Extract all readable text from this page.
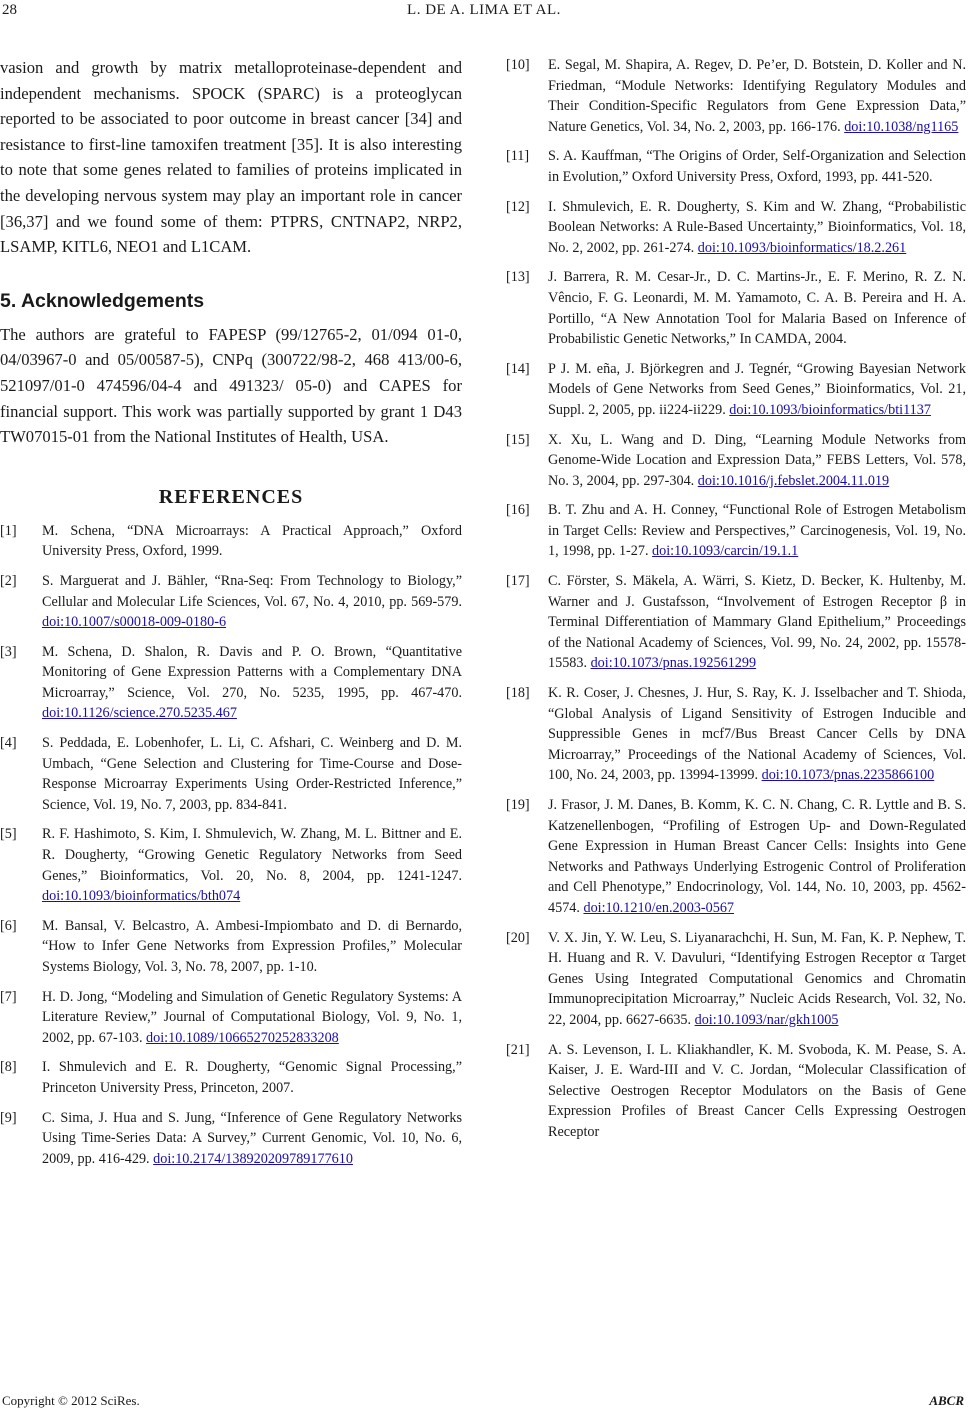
28	L. DE A. LIMA ET AL.

vasion and growth by matrix metalloproteinase-dependent and independent mechanisms. SPOCK (SPARC) is a proteoglycan reported to be associated to poor outcome in breast cancer [34] and resistance to first-line tamoxifen treatment [35]. It is also interesting to note that some genes related to families of proteins implicated in the developing nervous system may play an important role in cancer [36,37] and we found some of them: PTPRS, CNTNAP2, NRP2, LSAMP, KITL6, NEO1 and L1CAM.

5. Acknowledgements

The authors are grateful to FAPESP (99/12765-2, 01/094 01-0, 04/03967-0 and 05/00587-5), CNPq (300722/98-2, 468 413/00-6, 521097/01-0 474596/04-4 and 491323/ 05-0) and CAPES for financial support. This work was partially supported by grant 1 D43 TW07015-01 from the National Institutes of Health, USA.

REFERENCES
[1]	M. Schena, “DNA Microarrays: A Practical Approach,” Oxford University Press, Oxford, 1999.
[2]	S. Marguerat and J. Bähler, “Rna-Seq: From Technology to Biology,” Cellular and Molecular Life Sciences, Vol. 67, No. 4, 2010, pp. 569-579. doi:10.1007/s00018-009-0180-6
[3]	M. Schena, D. Shalon, R. Davis and P. O. Brown, “Quantitative Monitoring of Gene Expression Patterns with a Complementary DNA Microarray,” Science, Vol. 270, No. 5235, 1995, pp. 467-470. doi:10.1126/science.270.5235.467
[4]	S. Peddada, E. Lobenhofer, L. Li, C. Afshari, C. Weinberg and D. M. Umbach, “Gene Selection and Clustering for Time-Course and Dose-Response Microarray Experiments Using Order-Restricted Inference,” Science, Vol. 19, No. 7, 2003, pp. 834-841.
[5]	R. F. Hashimoto, S. Kim, I. Shmulevich, W. Zhang, M. L. Bittner and E. R. Dougherty, “Growing Genetic Regulatory Networks from Seed Genes,” Bioinformatics, Vol. 20, No. 8, 2004, pp. 1241-1247. doi:10.1093/bioinformatics/bth074
[6]	M. Bansal, V. Belcastro, A. Ambesi-Impiombato and D. di Bernardo, “How to Infer Gene Networks from Expression Profiles,” Molecular Systems Biology, Vol. 3, No. 78, 2007, pp. 1-10.
[7]	H. D. Jong, “Modeling and Simulation of Genetic Regulatory Systems: A Literature Review,” Journal of Computational Biology, Vol. 9, No. 1, 2002, pp. 67-103. doi:10.1089/10665270252833208
[8]	I. Shmulevich and E. R. Dougherty, “Genomic Signal Processing,” Princeton University Press, Princeton, 2007.
[9]	C. Sima, J. Hua and S. Jung, “Inference of Gene Regulatory Networks Using Time-Series Data: A Survey,” Current Genomic, Vol. 10, No. 6, 2009, pp. 416-429. doi:10.2174/138920209789177610
[10]	E. Segal, M. Shapira, A. Regev, D. Pe’er, D. Botstein, D. Koller and N. Friedman, “Module Networks: Identifying Regulatory Modules and Their Condition-Specific Regulators from Gene Expression Data,” Nature Genetics, Vol. 34, No. 2, 2003, pp. 166-176. doi:10.1038/ng1165
[11]	S. A. Kauffman, “The Origins of Order, Self-Organization and Selection in Evolution,” Oxford University Press, Oxford, 1993, pp. 441-520.
[12]	I. Shmulevich, E. R. Dougherty, S. Kim and W. Zhang, “Probabilistic Boolean Networks: A Rule-Based Uncertainty,” Bioinformatics, Vol. 18, No. 2, 2002, pp. 261-274. doi:10.1093/bioinformatics/18.2.261
[13]	J. Barrera, R. M. Cesar-Jr., D. C. Martins-Jr., E. F. Merino, R. Z. N. Vêncio, F. G. Leonardi, M. M. Yamamoto, C. A. B. Pereira and H. A. Portillo, “A New Annotation Tool for Malaria Based on Inference of Probabilistic Genetic Networks,” In CAMDA, 2004.
[14]	P J. M. eña, J. Björkegren and J. Tegnér, “Growing Bayesian Network Models of Gene Networks from Seed Genes,” Bioinformatics, Vol. 21, Suppl. 2, 2005, pp. ii224-ii229. doi:10.1093/bioinformatics/bti1137
[15]	X. Xu, L. Wang and D. Ding, “Learning Module Networks from Genome-Wide Location and Expression Data,” FEBS Letters, Vol. 578, No. 3, 2004, pp. 297-304. doi:10.1016/j.febslet.2004.11.019
[16]	B. T. Zhu and A. H. Conney, “Functional Role of Estrogen Metabolism in Target Cells: Review and Perspectives,” Carcinogenesis, Vol. 19, No. 1, 1998, pp. 1-27. doi:10.1093/carcin/19.1.1
[17]	C. Förster, S. Mäkela, A. Wärri, S. Kietz, D. Becker, K. Hultenby, M. Warner and J. Gustafsson, “Involvement of Estrogen Receptor β in Terminal Differentiation of Mammary Gland Epithelium,” Proceedings of the National Academy of Sciences, Vol. 99, No. 24, 2002, pp. 15578- 15583. doi:10.1073/pnas.192561299
[18]	K. R. Coser, J. Chesnes, J. Hur, S. Ray, K. J. Isselbacher and T. Shioda, “Global Analysis of Ligand Sensitivity of Estrogen Inducible and Suppressible Genes in mcf7/Bus Breast Cancer Cells by DNA Microarray,” Proceedings of the National Academy of Sciences, Vol. 100, No. 24, 2003, pp. 13994-13999. doi:10.1073/pnas.2235866100
[19]	J. Frasor, J. M. Danes, B. Komm, K. C. N. Chang, C. R. Lyttle and B. S. Katzenellenbogen, “Profiling of Estrogen Up- and Down-Regulated Gene Expression in Human Breast Cancer Cells: Insights into Gene Networks and Pathways Underlying Estrogenic Control of Proliferation and Cell Phenotype,” Endocrinology, Vol. 144, No. 10, 2003, pp. 4562-4574. doi:10.1210/en.2003-0567
[20]	V. X. Jin, Y. W. Leu, S. Liyanarachchi, H. Sun, M. Fan, K. P. Nephew, T. H. Huang and R. V. Davuluri, “Identifying Estrogen Receptor α Target Genes Using Integrated Computational Genomics and Chromatin Immunoprecipitation Microarray,” Nucleic Acids Research, Vol. 32, No. 22, 2004, pp. 6627-6635. doi:10.1093/nar/gkh1005
[21]	A. S. Levenson, I. L. Kliakhandler, K. M. Svoboda, K. M. Pease, S. A. Kaiser, J. E. Ward-III and V. C. Jordan, “Molecular Classification of Selective Oestrogen Receptor Modulators on the Basis of Gene Expression Profiles of Breast Cancer Cells Expressing Oestrogen Receptor
Copyright © 2012 SciRes.	ABCR
